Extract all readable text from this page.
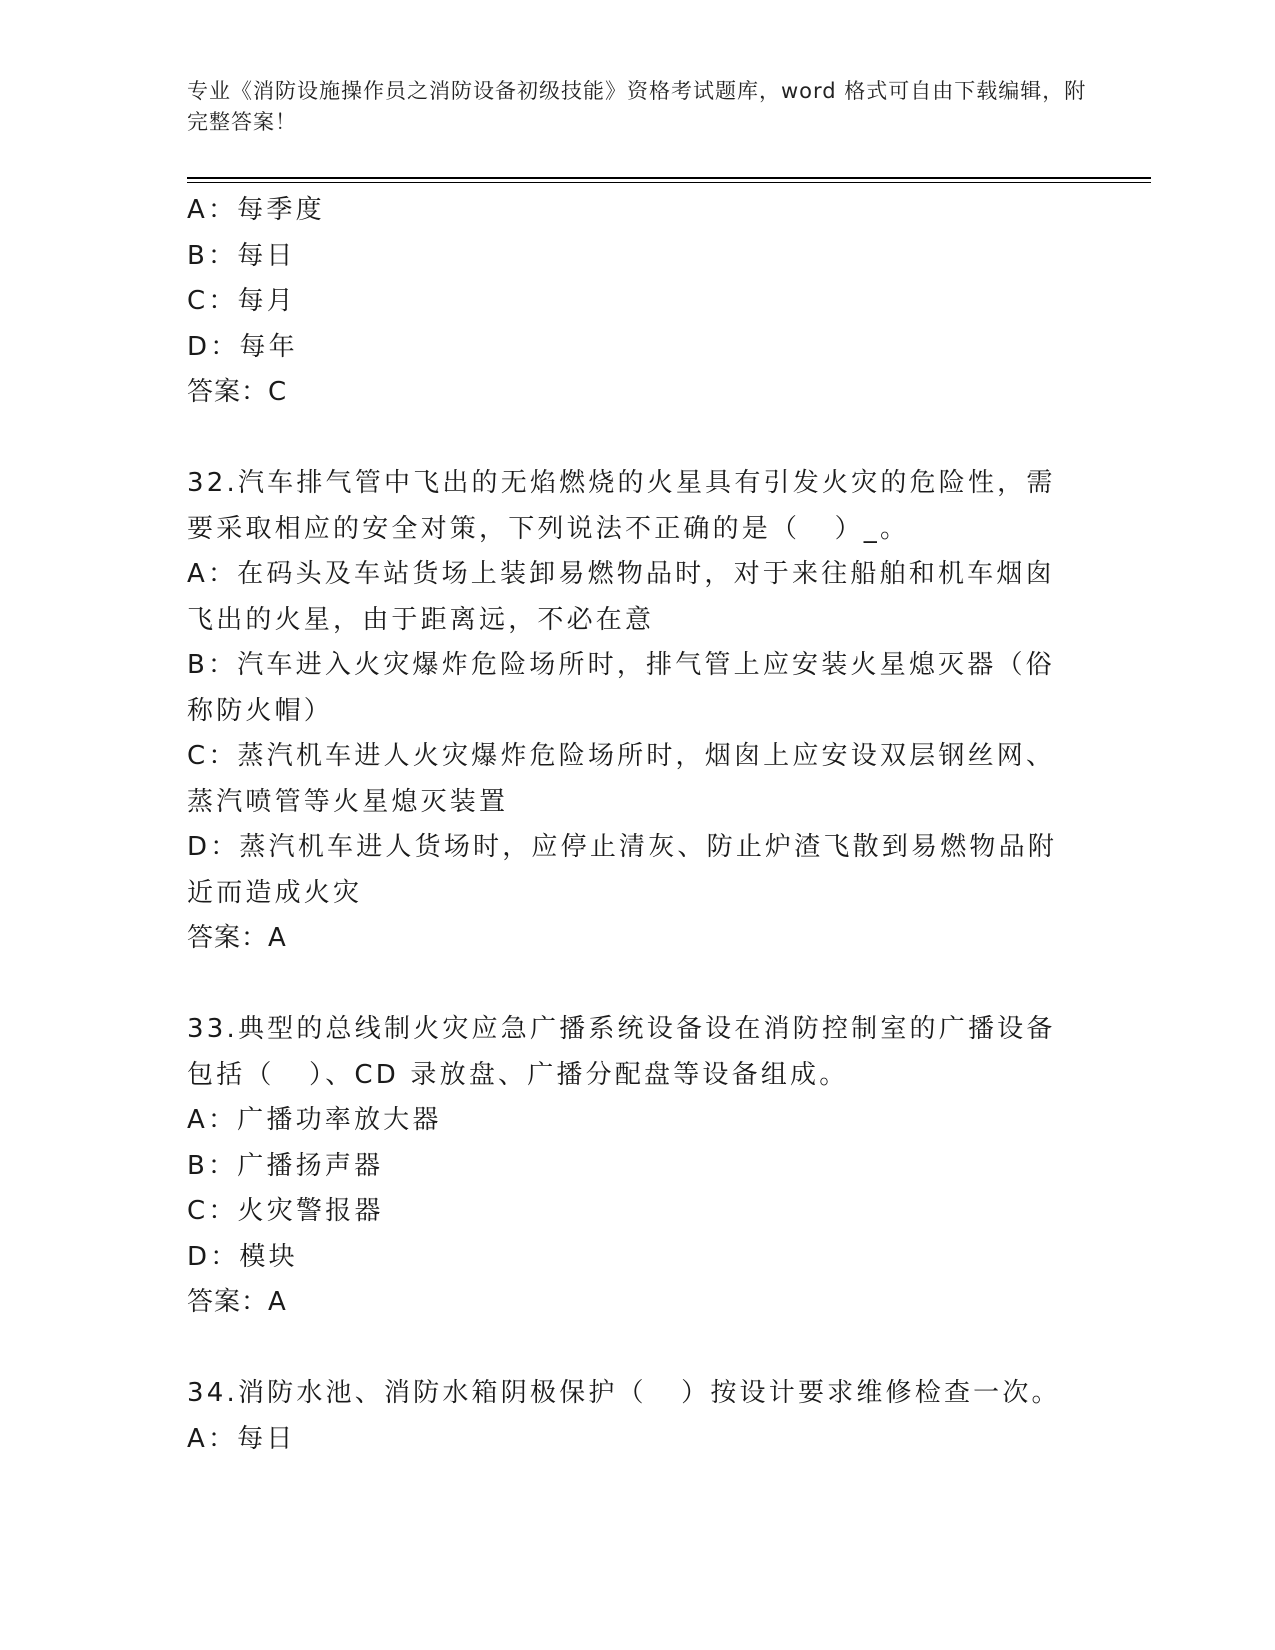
专业《消防设施操作员之消防设备初级技能》资格考试题库，word 格式可自由下载编辑，附完整答案！

A：每季度

B：每日

C：每月

D：每年

答案：C

32.汽车排气管中飞出的无焰燃烧的火星具有引发火灾的危险性，需要采取相应的安全对策，下列说法不正确的是（   ）_。

A：在码头及车站货场上装卸易燃物品时，对于来往船舶和机车烟囱飞出的火星，由于距离远，不必在意

B：汽车进入火灾爆炸危险场所时，排气管上应安装火星熄灭器（俗称防火帽）

C：蒸汽机车进人火灾爆炸危险场所时，烟囱上应安设双层钢丝网、蒸汽喷管等火星熄灭装置

D：蒸汽机车进人货场时，应停止清灰、防止炉渣飞散到易燃物品附近而造成火灾

答案：A

33.典型的总线制火灾应急广播系统设备设在消防控制室的广播设备包括（   ）、CD 录放盘、广播分配盘等设备组成。

A：广播功率放大器

B：广播扬声器

C：火灾警报器

D：模块

答案：A

34.消防水池、消防水箱阴极保护（   ）按设计要求维修检查一次。

A：每日
